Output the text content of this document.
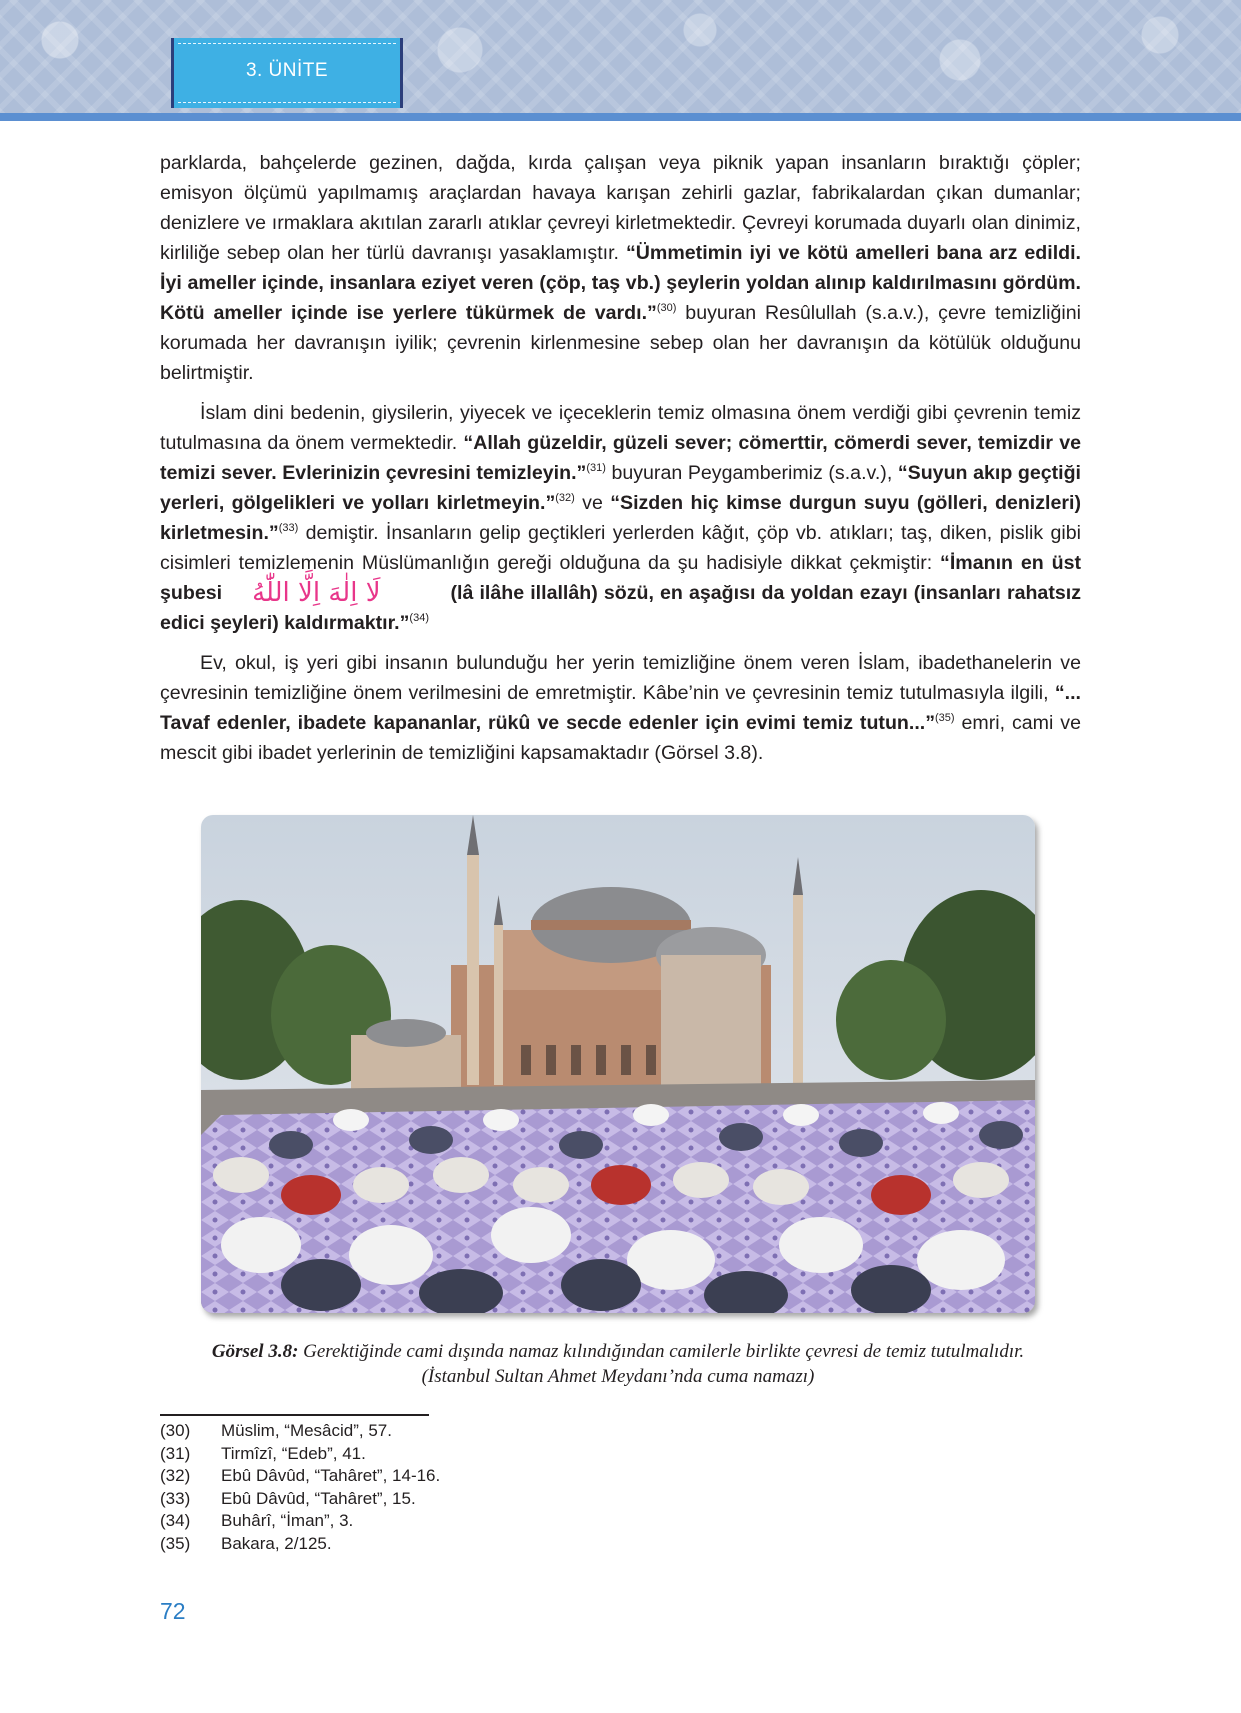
3. ÜNİTE

parklarda, bahçelerde gezinen, dağda, kırda çalışan veya piknik yapan insanların bıraktığı çöpler; emisyon ölçümü yapılmamış araçlardan havaya karışan zehirli gazlar, fabrikalardan çıkan dumanlar; denizlere ve ırmaklara akıtılan zararlı atıklar çevreyi kirletmektedir. Çevreyi korumada duyarlı olan dinimiz, kirliliğe sebep olan her türlü davranışı yasaklamıştır. “Ümmetimin iyi ve kötü amelleri bana arz edildi. İyi ameller içinde, insanlara eziyet veren (çöp, taş vb.) şeylerin yoldan alınıp kaldırılmasını gördüm. Kötü ameller içinde ise yerlere tükürmek de vardı.”$^{(30)}$ buyuran Resûlullah (s.a.v.), çevre temizliğini korumada her davranışın iyilik; çevrenin kirlenmesine sebep olan her davranışın da kötülük olduğunu belirtmiştir.

İslam dini bedenin, giysilerin, yiyecek ve içeceklerin temiz olmasına önem verdiği gibi çevrenin temiz tutulmasına da önem vermektedir. “Allah güzeldir, güzeli sever; cömerttir, cömerdi sever, temizdir ve temizi sever. Evlerinizin çevresini temizleyin.”$^{(31)}$ buyuran Peygamberimiz (s.a.v.), “Suyun akıp geçtiği yerleri, gölgelikleri ve yolları kirletmeyin.”$^{(32)}$ ve “Sizden hiç kimse durgun suyu (gölleri, denizleri) kirletmesin.”$^{(33)}$ demiştir. İnsanların gelip geçtikleri yerlerden kâğıt, çöp vb. atıkları; taş, diken, pislik gibi cisimleri temizlemenin Müslümanlığın gereği olduğuna da şu hadisiyle dikkat çekmiştir: “İmanın en üst şubesi لَا اِلٰهَ اِلَّا اللّٰهُ	(lâ ilâhe illallâh) sözü, en aşağısı da yoldan ezayı (insanları rahatsız edici şeyleri) kaldırmaktır.”$^{(34)}$

Ev, okul, iş yeri gibi insanın bulunduğu her yerin temizliğine önem veren İslam, ibadethanelerin ve çevresinin temizliğine önem verilmesini de emretmiştir. Kâbe’nin ve çevresinin temiz tutulmasıyla ilgili, “... Tavaf edenler, ibadete kapananlar, rükû ve secde edenler için evimi temiz tutun...”$^{(35)}$ emri, cami ve mescit gibi ibadet yerlerinin de temizliğini kapsamaktadır (Görsel 3.8).

Görsel 3.8: Gerektiğinde cami dışında namaz kılındığından camilerle birlikte çevresi de temiz tutulmalıdır. (İstanbul Sultan Ahmet Meydanı’nda cuma namazı)
(30)	Müslim, “Mesâcid”, 57.
(31)	Tirmîzî, “Edeb”, 41.
(32)	Ebû Dâvûd, “Tahâret”, 14-16.
(33)	Ebû Dâvûd, “Tahâret”, 15.
(34)	Buhârî, “İman”, 3.
(35)	Bakara, 2/125.
72
